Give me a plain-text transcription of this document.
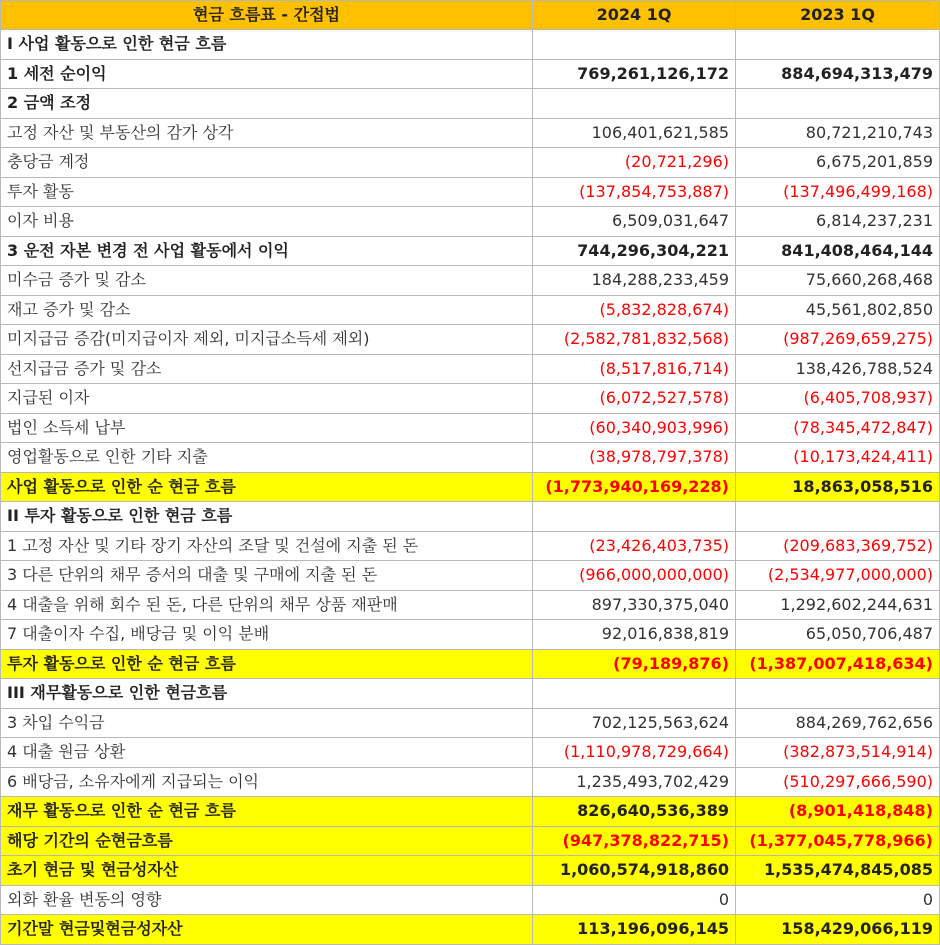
현금 흐름표 - 간접법	2024 1Q	2023 1Q
I 사업 활동으로 인한 현금 흐름		
1 세전 순이익	769,261,126,172	884,694,313,479
2 금액 조정		
고정 자산 및 부동산의 감가 상각	106,401,621,585	80,721,210,743
충당금 계정	(20,721,296)	6,675,201,859
투자 활동	(137,854,753,887)	(137,496,499,168)
이자 비용	6,509,031,647	6,814,237,231
3 운전 자본 변경 전 사업 활동에서 이익	744,296,304,221	841,408,464,144
미수금 증가 및 감소	184,288,233,459	75,660,268,468
재고 증가 및 감소	(5,832,828,674)	45,561,802,850
미지급금 증감(미지급이자 제외, 미지급소득세 제외)	(2,582,781,832,568)	(987,269,659,275)
선지급금 증가 및 감소	(8,517,816,714)	138,426,788,524
지급된 이자	(6,072,527,578)	(6,405,708,937)
법인 소득세 납부	(60,340,903,996)	(78,345,472,847)
영업활동으로 인한 기타 지출	(38,978,797,378)	(10,173,424,411)
사업 활동으로 인한 순 현금 흐름	(1,773,940,169,228)	18,863,058,516
II 투자 활동으로 인한 현금 흐름		
1 고정 자산 및 기타 장기 자산의 조달 및 건설에 지출 된 돈	(23,426,403,735)	(209,683,369,752)
3 다른 단위의 채무 증서의 대출 및 구매에 지출 된 돈	(966,000,000,000)	(2,534,977,000,000)
4 대출을 위해 회수 된 돈, 다른 단위의 채무 상품 재판매	897,330,375,040	1,292,602,244,631
7 대출이자 수집, 배당금 및 이익 분배	92,016,838,819	65,050,706,487
투자 활동으로 인한 순 현금 흐름	(79,189,876)	(1,387,007,418,634)
III 재무활동으로 인한 현금흐름		
3 차입 수익금	702,125,563,624	884,269,762,656
4 대출 원금 상환	(1,110,978,729,664)	(382,873,514,914)
6 배당금, 소유자에게 지급되는 이익	1,235,493,702,429	(510,297,666,590)
재무 활동으로 인한 순 현금 흐름	826,640,536,389	(8,901,418,848)
해당 기간의 순현금흐름	(947,378,822,715)	(1,377,045,778,966)
초기 현금 및 현금성자산	1,060,574,918,860	1,535,474,845,085
외화 환율 변동의 영향	0	0
기간말 현금및현금성자산	113,196,096,145	158,429,066,119
